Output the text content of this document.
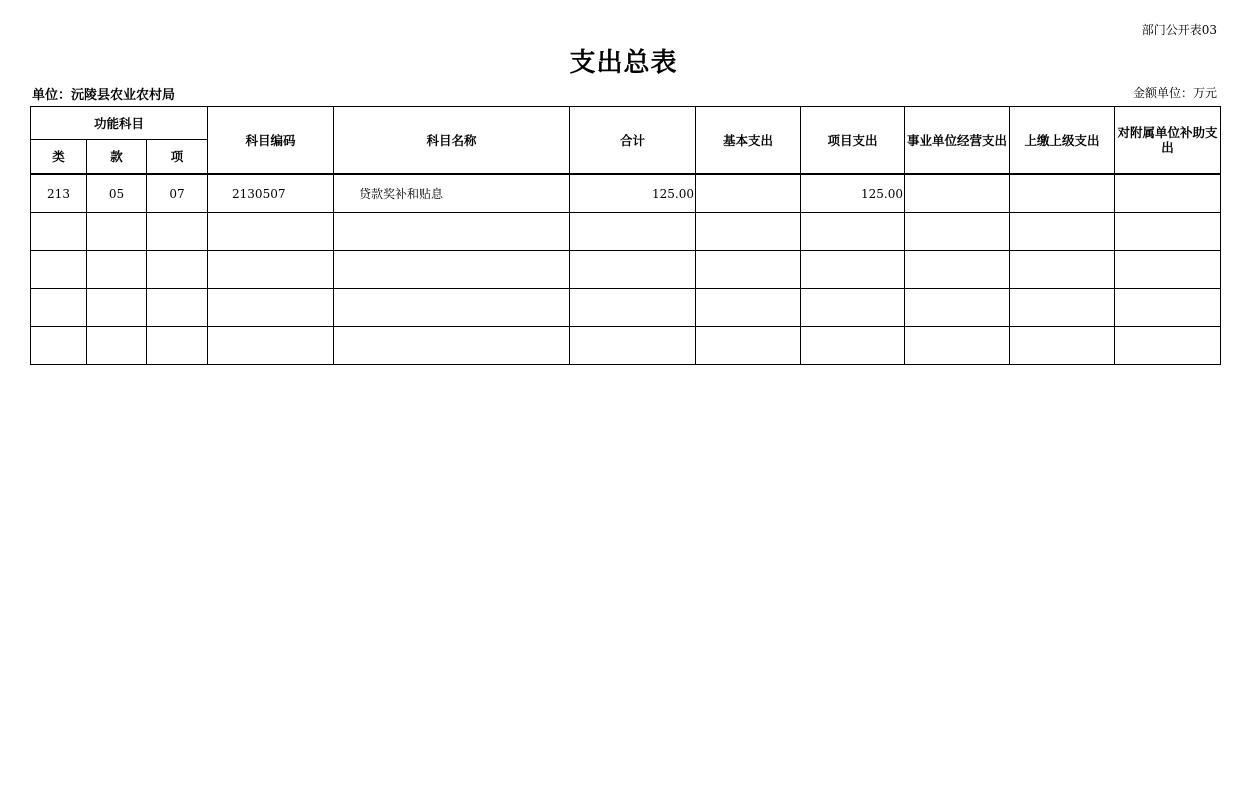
部门公开表03
支出总表
单位：沅陵县农业农村局	金额单位：万元
功能科目			科目编码	科目名称	合计	基本支出	项目支出	事业单位经营支出	上缴上级支出	对附属单位补助支出
类	款	项								
213	05	07	2130507	贷款奖补和贴息	125.00		125.00			
